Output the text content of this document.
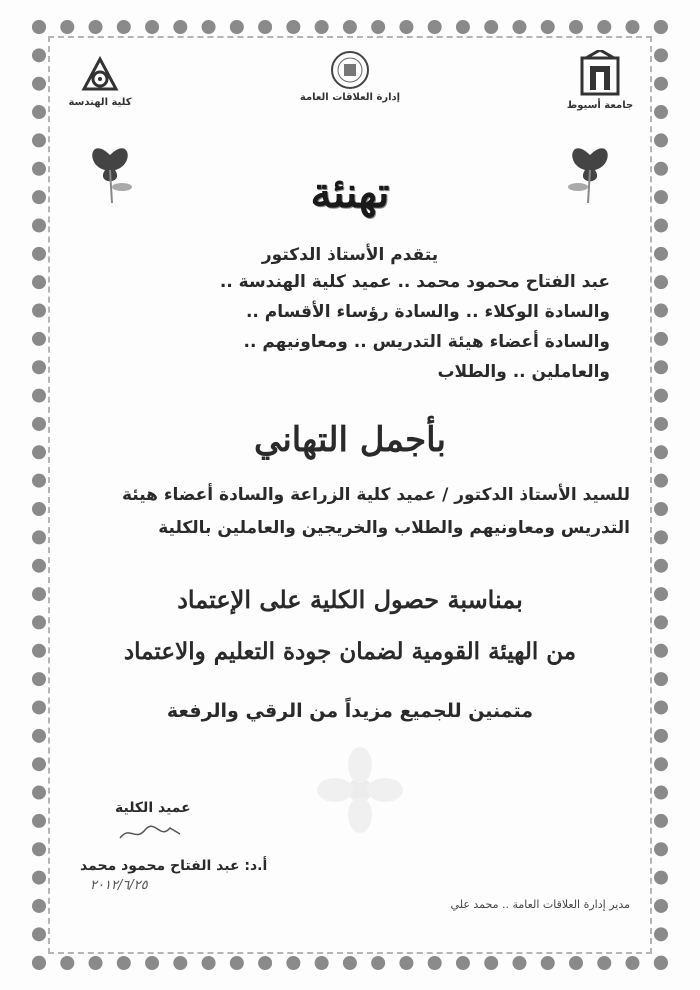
جامعة أسيوط
إدارة العلاقات العامة
كلية الهندسة
تهنئة
يتقدم الأستاذ الدكتور
عبد الفتاح محمود محمد .. عميد كلية الهندسة ..
والسادة الوكلاء .. والسادة رؤساء الأقسام ..
والسادة أعضاء هيئة التدريس .. ومعاونيهم ..
والعاملين .. والطلاب
بأجمل التهاني
للسيد الأستاذ الدكتور / عميد كلية الزراعة والسادة أعضاء هيئة
التدريس ومعاونيهم والطلاب والخريجين والعاملين بالكلية
بمناسبة حصول الكلية على الإعتماد
من الهيئة القومية لضمان جودة التعليم والاعتماد
متمنين للجميع مزيداً من الرقي والرفعة
عميد الكلية
أ.د: عبد الفتاح محمود محمد
٢٠١٢/٦/٢٥
مدير إدارة العلاقات العامة .. محمد علي
